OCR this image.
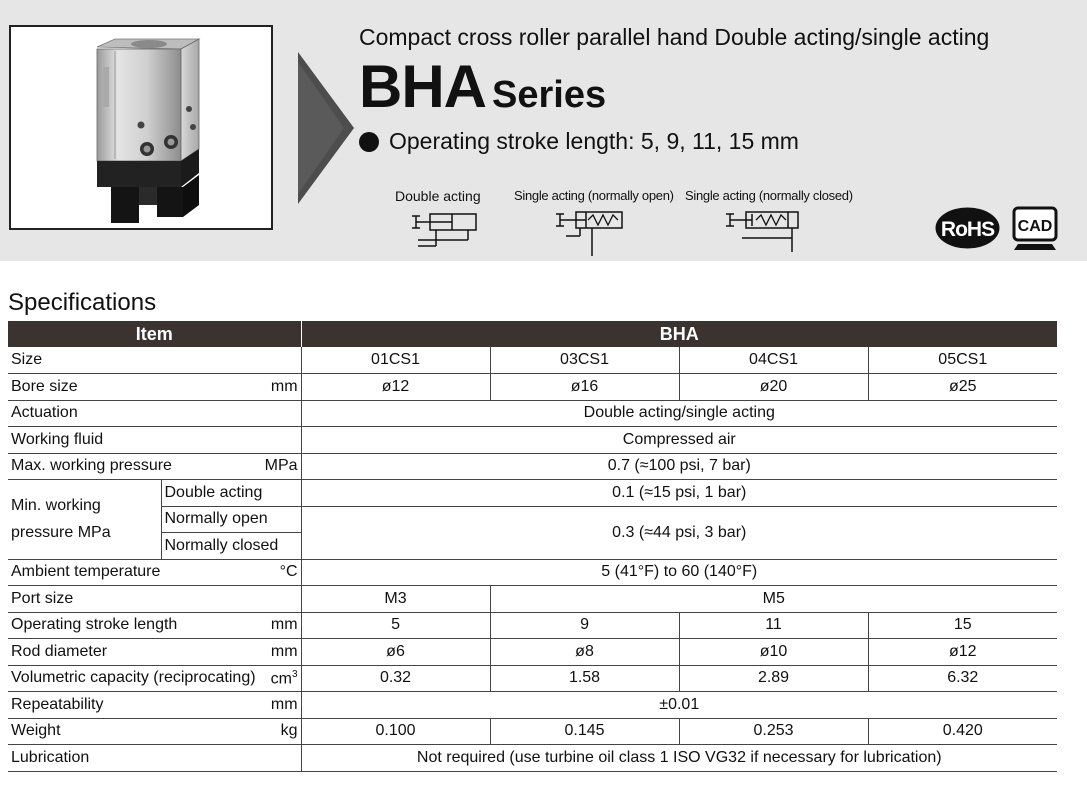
Compact cross roller parallel hand Double acting/single acting
BHA Series
Operating stroke length: 5, 9, 11, 15 mm
Double acting	Single acting (normally open) Single acting (normally closed)
RoHS CAD
Specifications
Item		BHA			
Size		01CS1	03CS1	04CS1	05CS1

Bore size mm		ø12	ø16	ø20	ø25
Actuation		Double acting/single acting			
Working fluid		Compressed air			

Max. working pressure MPa		0.7 (≈100 psi, 7 bar)			

Min. working
pressure MPa	Double acting	0.1 (≈15 psi, 1 bar)			
	Normally open	0.3 (≈44 psi, 3 bar)			
	Normally closed				

Ambient temperature °C		5 (41°F) to 60 (140°F)			
Port size		M3	M5		

Operating stroke length mm		5	9	11	15

Rod diameter mm		ø6	ø8	ø10	ø12

Volumetric capacity (reciprocating) $cm^3$		0.32	1.58	2.89	6.32

Repeatability mm		±0.01			

Weight kg		0.100	0.145	0.253	0.420
Lubrication		Not required (use turbine oil class 1 ISO VG32 if necessary for lubrication)			
